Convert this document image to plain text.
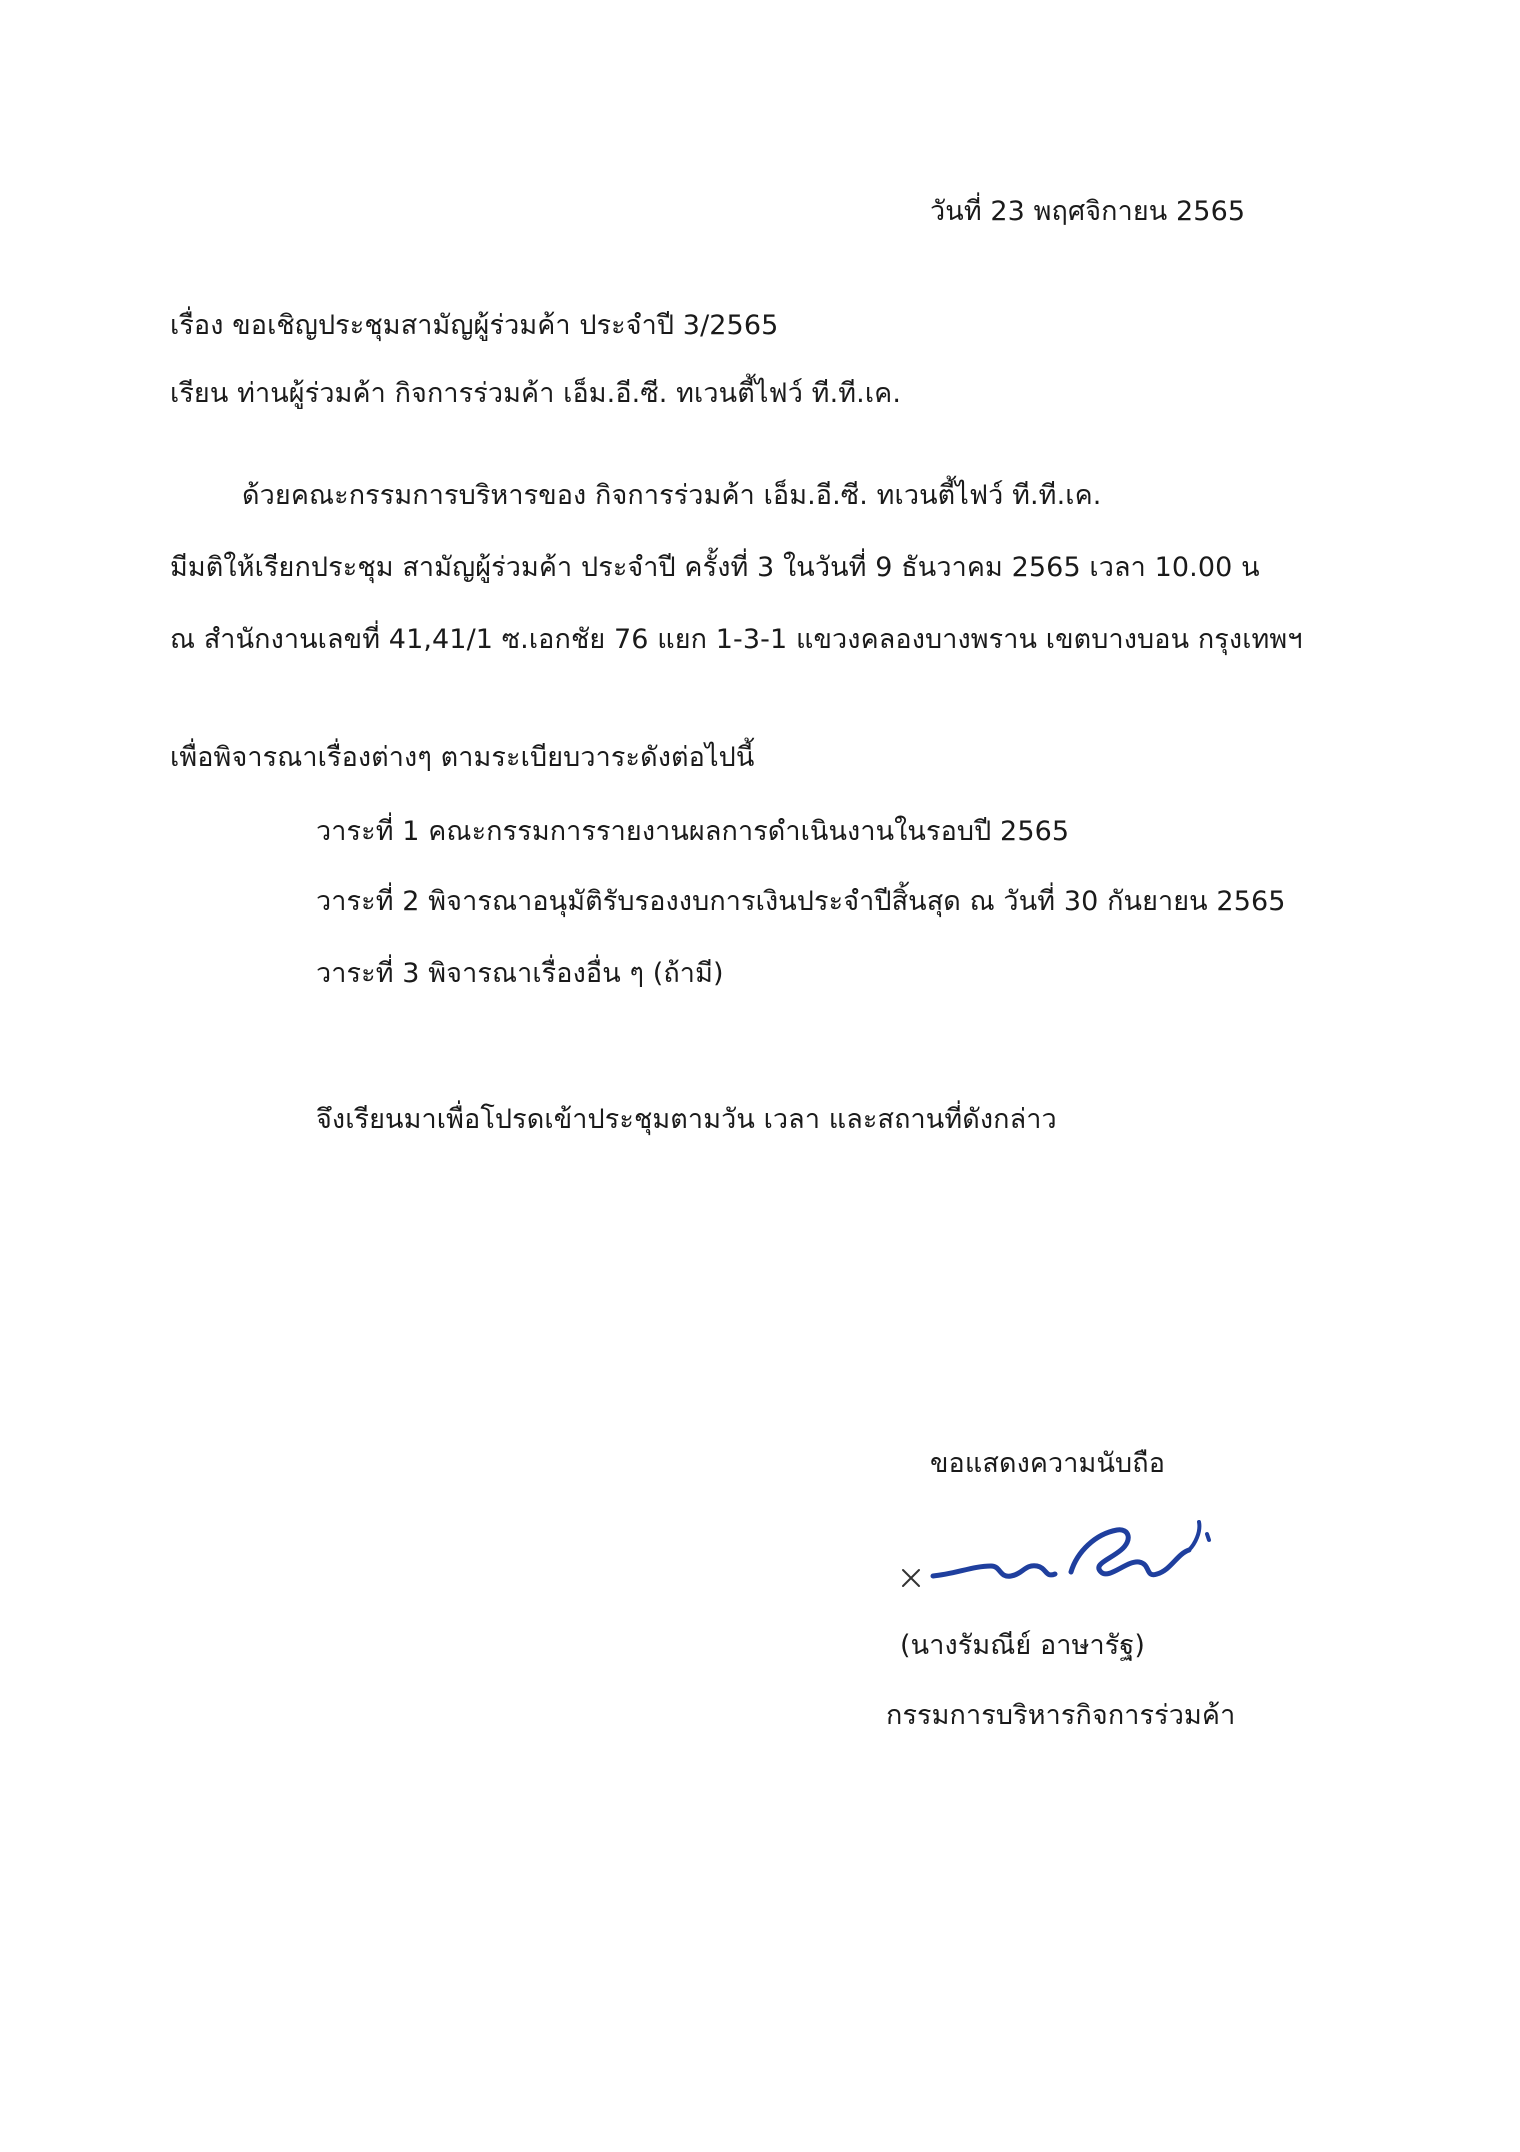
วันที่ 23 พฤศจิกายน 2565
เรื่อง ขอเชิญประชุมสามัญผู้ร่วมค้า ประจำปี 3/2565
เรียน ท่านผู้ร่วมค้า กิจการร่วมค้า เอ็ม.อี.ซี. ทเวนตี้ไฟว์ ที.ที.เค.
ด้วยคณะกรรมการบริหารของ กิจการร่วมค้า เอ็ม.อี.ซี. ทเวนตี้ไฟว์ ที.ที.เค.
มีมติให้เรียกประชุม สามัญผู้ร่วมค้า ประจำปี ครั้งที่ 3 ในวันที่ 9 ธันวาคม 2565 เวลา 10.00 น
ณ สำนักงานเลขที่ 41,41/1 ซ.เอกชัย 76 แยก 1-3-1 แขวงคลองบางพราน เขตบางบอน กรุงเทพฯ
เพื่อพิจารณาเรื่องต่างๆ ตามระเบียบวาระดังต่อไปนี้
วาระที่ 1 คณะกรรมการรายงานผลการดำเนินงานในรอบปี 2565
วาระที่ 2 พิจารณาอนุมัติรับรองงบการเงินประจำปีสิ้นสุด ณ วันที่ 30 กันยายน 2565
วาระที่ 3 พิจารณาเรื่องอื่น ๆ (ถ้ามี)
จึงเรียนมาเพื่อโปรดเข้าประชุมตามวัน เวลา และสถานที่ดังกล่าว
ขอแสดงความนับถือ
(นางรัมณีย์ อาษารัฐ)
กรรมการบริหารกิจการร่วมค้า
